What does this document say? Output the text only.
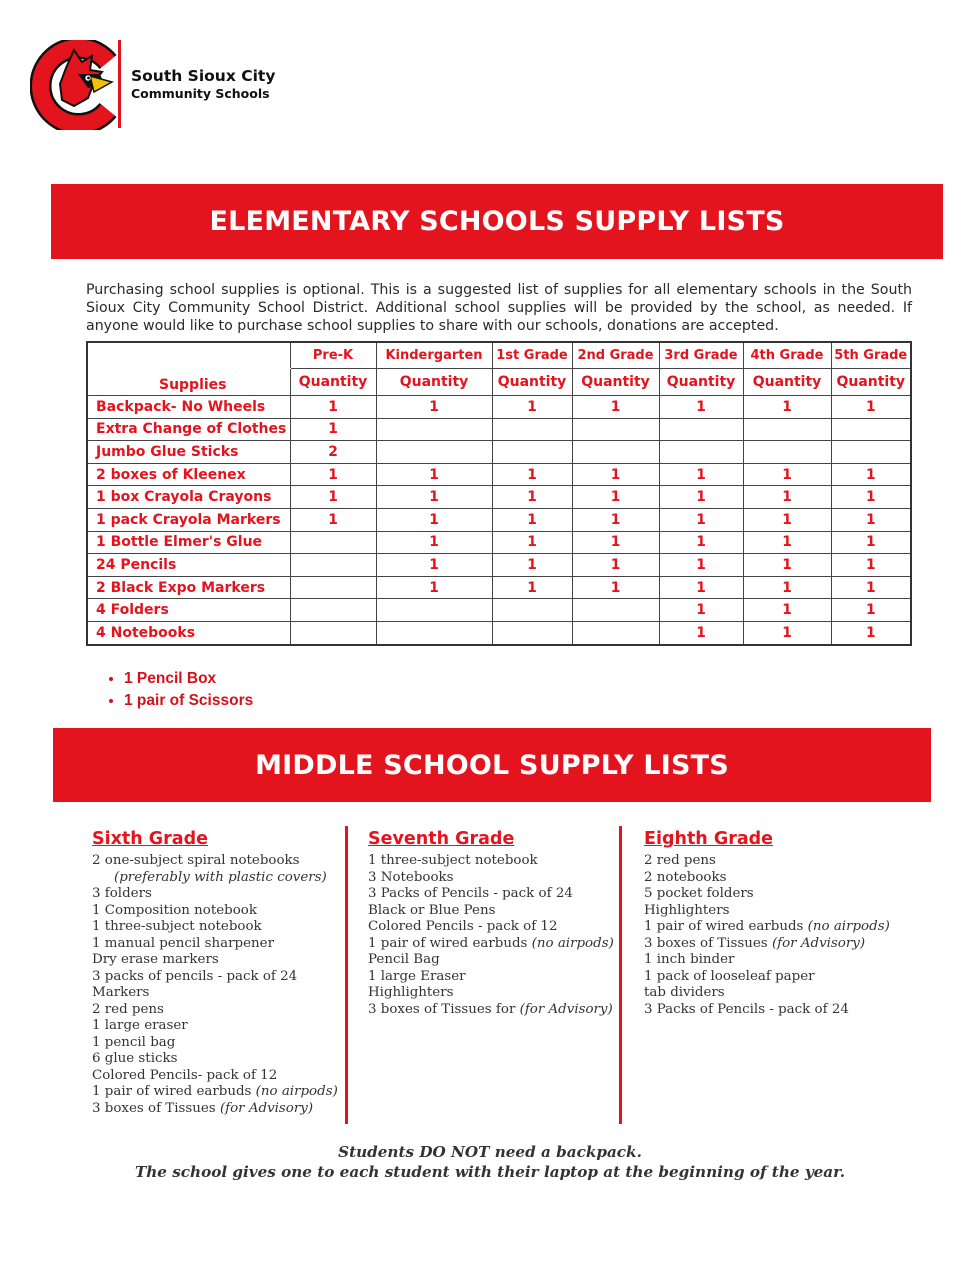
South Sioux City
Community Schools
ELEMENTARY SCHOOLS SUPPLY LISTS
Purchasing school supplies is optional. This is a suggested list of supplies for all elementary schools in the South Sioux City Community School District. Additional school supplies will be provided by the school, as needed. If anyone would like to purchase school supplies to share with our schools, donations are accepted.
	Pre-K	Kindergarten	1st Grade	2nd Grade	3rd Grade	4th Grade	5th Grade
Supplies	Quantity	Quantity	Quantity	Quantity	Quantity	Quantity	Quantity
Backpack- No Wheels	1	1	1	1	1	1	1
Extra Change of Clothes	1						
Jumbo Glue Sticks	2						
2 boxes of Kleenex	1	1	1	1	1	1	1
1 box Crayola Crayons	1	1	1	1	1	1	1
1 pack Crayola Markers	1	1	1	1	1	1	1
1 Bottle Elmer's Glue		1	1	1	1	1	1
24 Pencils		1	1	1	1	1	1
2 Black Expo Markers		1	1	1	1	1	1
4 Folders					1	1	1
4 Notebooks					1	1	1
• 1 Pencil Box
• 1 pair of Scissors
MIDDLE SCHOOL SUPPLY LISTS
Sixth Grade
2 one-subject spiral notebooks
(preferably with plastic covers)
3 folders
1 Composition notebook
1 three-subject notebook
1 manual pencil sharpener
Dry erase markers
3 packs of pencils - pack of 24
Markers
2 red pens
1 large eraser
1 pencil bag
6 glue sticks
Colored Pencils- pack of 12
1 pair of wired earbuds (no airpods)
3 boxes of Tissues (for Advisory)
Seventh Grade
1 three-subject notebook
3 Notebooks
3 Packs of Pencils - pack of 24
Black or Blue Pens
Colored Pencils - pack of 12
1 pair of wired earbuds (no airpods)
Pencil Bag
1 large Eraser
Highlighters
3 boxes of Tissues for (for Advisory)
Eighth Grade
2 red pens
2 notebooks
5 pocket folders
Highlighters
1 pair of wired earbuds (no airpods)
3 boxes of Tissues (for Advisory)
1 inch binder
1 pack of looseleaf paper
tab dividers
3 Packs of Pencils - pack of 24
Students DO NOT need a backpack.
The school gives one to each student with their laptop at the beginning of the year.
